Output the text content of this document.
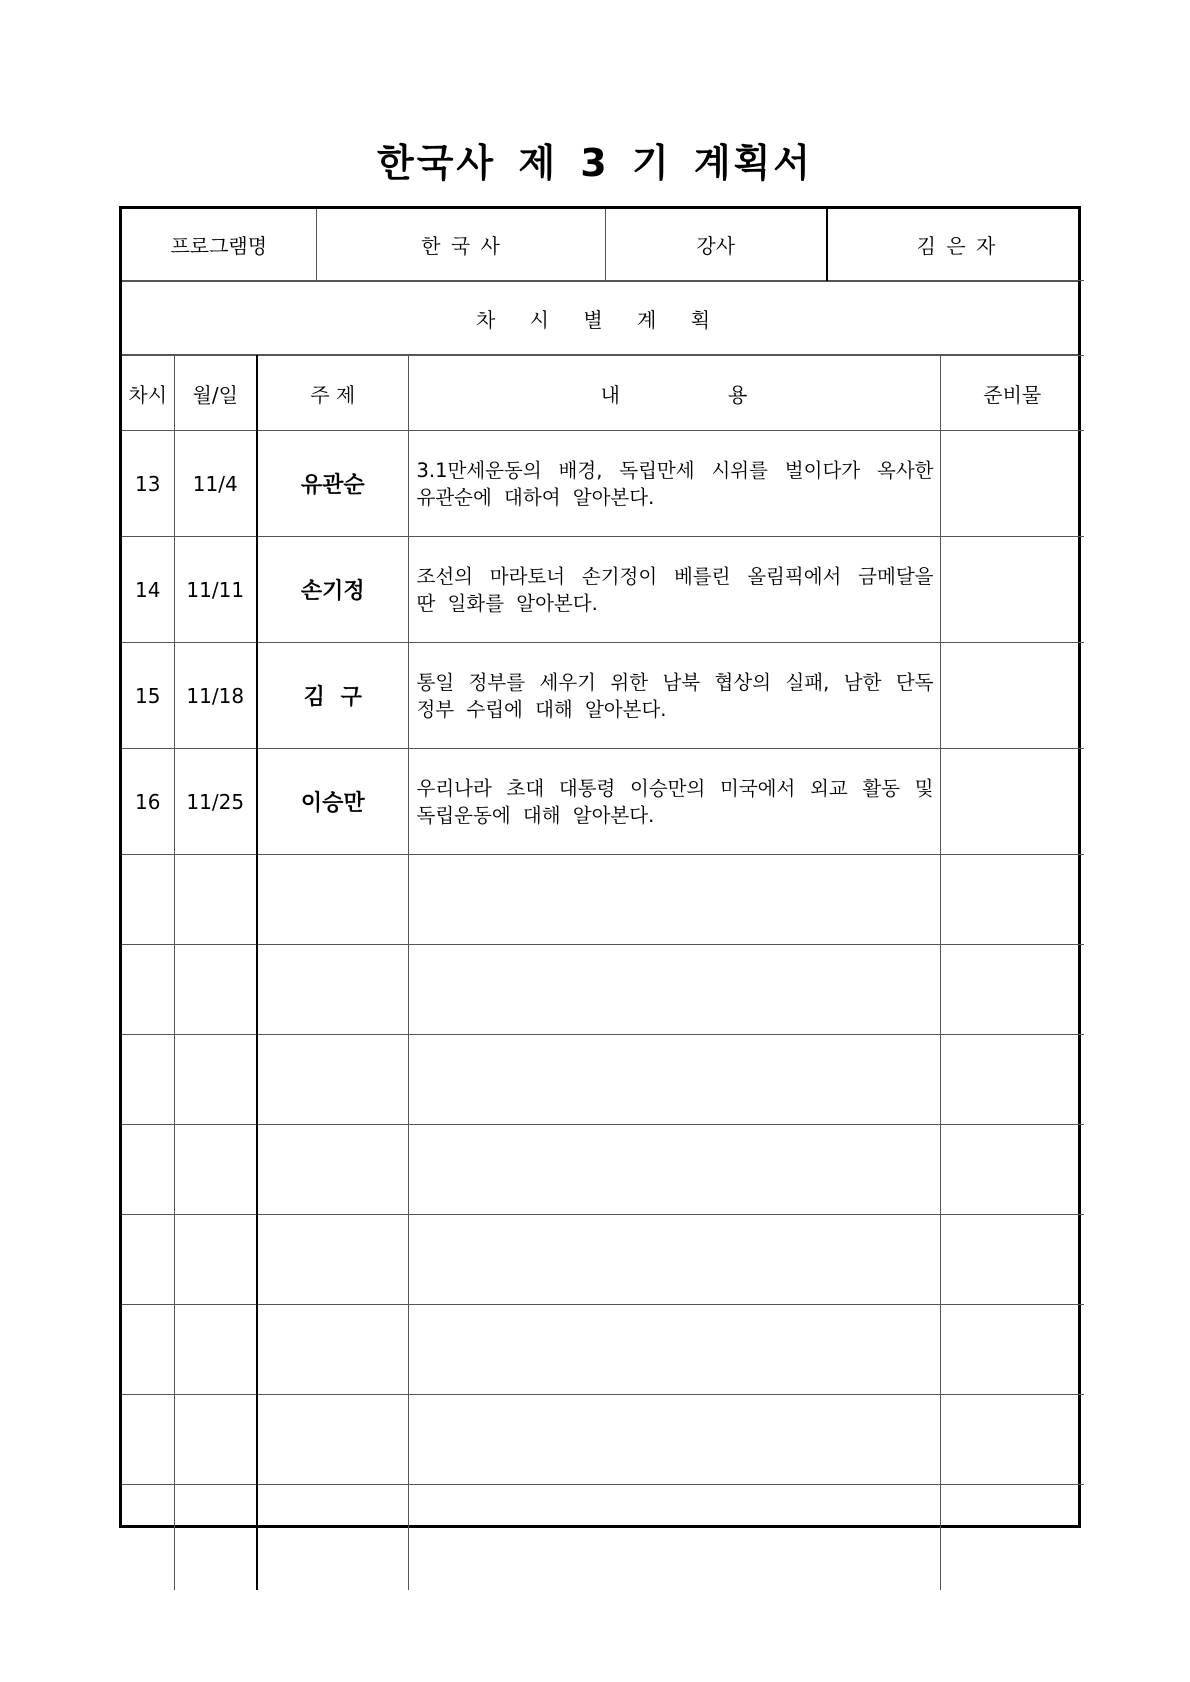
한국사 제 3 기 계획서
프로그램명	한 국 사	강사	김 은 자
차 시 별 계 획
차시	월/일	주 제	내 용	준비물
13	11/4	유관순	3.1만세운동의 배경, 독립만세 시위를 벌이다가 옥사한 유관순에 대하여 알아본다.	
14	11/11	손기정	조선의 마라토너 손기정이 베를린 올림픽에서 금메달을 딴 일화를 알아본다.	
15	11/18	김 구	통일 정부를 세우기 위한 남북 협상의 실패, 남한 단독 정부 수립에 대해 알아본다.	
16	11/25	이승만	우리나라 초대 대통령 이승만의 미국에서 외교 활동 및 독립운동에 대해 알아본다.	
